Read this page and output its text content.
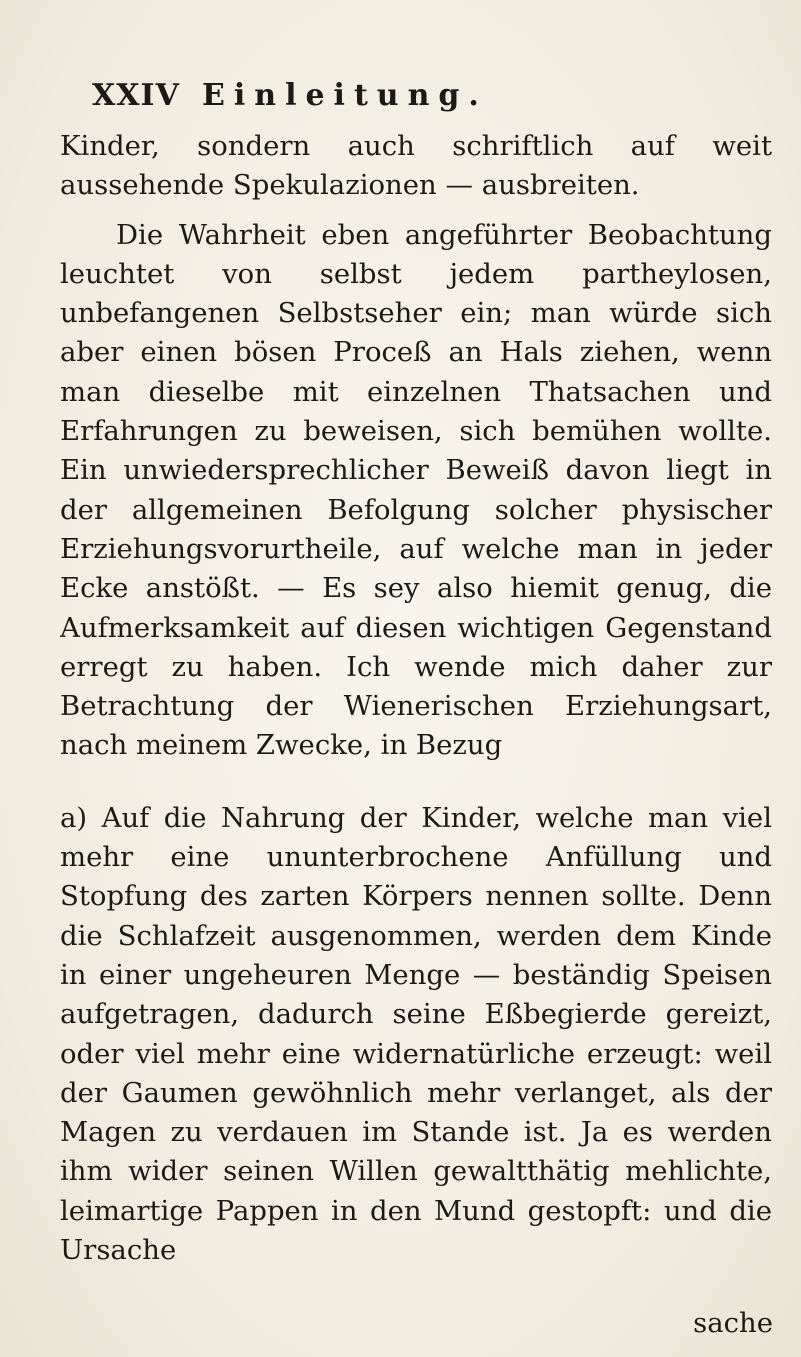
XXIV Einleitung.

Kinder, sondern auch schriftlich auf weit aussehende Spekulazionen — ausbreiten.

Die Wahrheit eben angeführter Beobachtung leuchtet von selbst jedem partheylosen, unbefangenen Selbstseher ein; man würde sich aber einen bösen Proceß an Hals ziehen, wenn man dieselbe mit einzelnen Thatsachen und Erfahrungen zu beweisen, sich bemühen wollte. Ein unwiedersprechlicher Beweiß davon liegt in der allgemeinen Befolgung solcher physischer Erziehungsvorurtheile, auf welche man in jeder Ecke anstößt. — Es sey also hiemit genug, die Aufmerksamkeit auf diesen wichtigen Gegenstand erregt zu haben. Ich wende mich daher zur Betrachtung der Wienerischen Erziehungsart, nach meinem Zwecke, in Bezug

a) Auf die Nahrung der Kinder, welche man viel mehr eine ununterbrochene Anfüllung und Stopfung des zarten Körpers nennen sollte. Denn die Schlafzeit ausgenommen, werden dem Kinde in einer ungeheuren Menge — beständig Speisen aufgetragen, dadurch seine Eßbegierde gereizt, oder viel mehr eine widernatürliche erzeugt: weil der Gaumen gewöhnlich mehr verlanget, als der Magen zu verdauen im Stande ist. Ja es werden ihm wider seinen Willen gewaltthätig mehlichte, leimartige Pappen in den Mund gestopft: und die Ursache

sache
